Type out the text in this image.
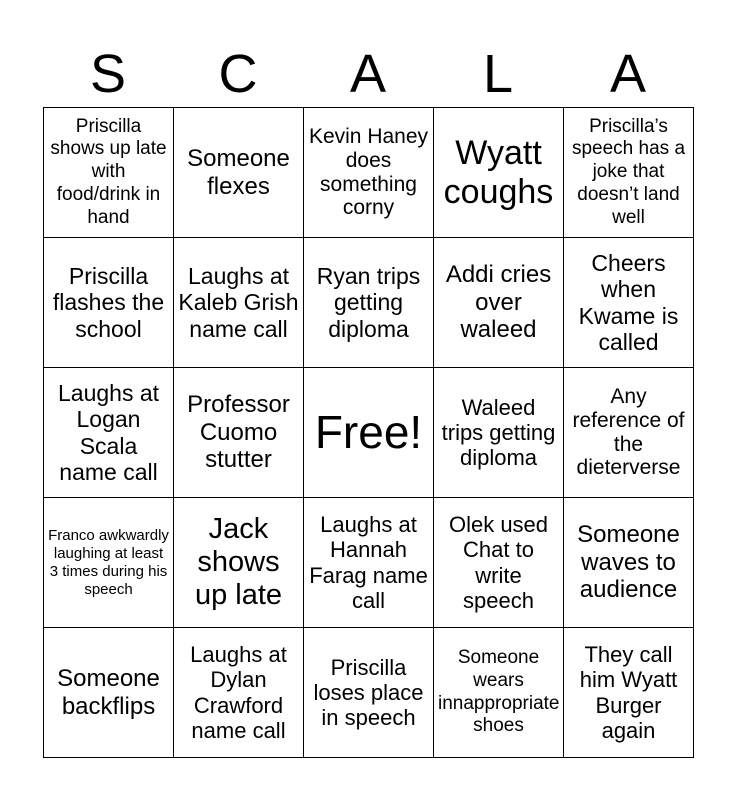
S	C	A	L	A
Priscilla shows up late with food/drink in hand	Someone flexes	Kevin Haney does something corny	Wyatt coughs	Priscilla’s speech has a joke that doesn’t land well
Priscilla flashes the school	Laughs at Kaleb Grish name call	Ryan trips getting diploma	Addi cries over waleed	Cheers when Kwame is called
Laughs at Logan Scala name call	Professor Cuomo stutter	Free!	Waleed trips getting diploma	Any reference of the dieterverse
Franco awkwardly laughing at least 3 times during his speech	Jack shows up late	Laughs at Hannah Farag name call	Olek used Chat to write speech	Someone waves to audience
Someone backflips	Laughs at Dylan Crawford name call	Priscilla loses place in speech	Someone wears innappropriate shoes	They call him Wyatt Burger again
